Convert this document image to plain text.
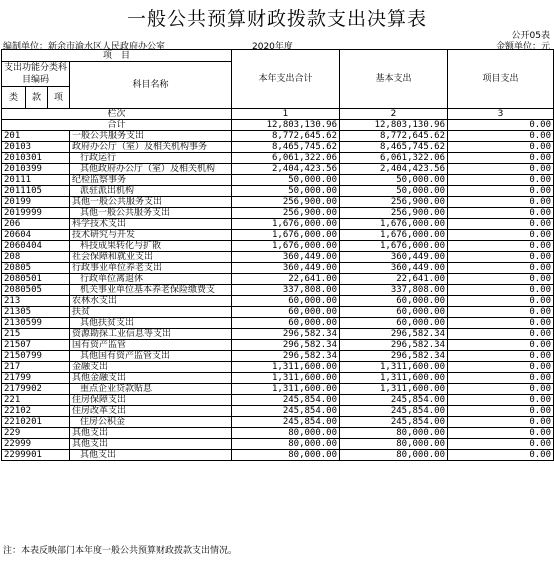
一般公共预算财政拨款支出决算表
公开05表
编制单位：新余市渝水区人民政府办公室	2020年度	金额单位：元
项　目				本年支出合计	基本支出	项目支出
支出功能分类科目编码			科目名称			

类	款	项				
栏次				1	2	3
合计				12,803,130.96	12,803,130.96	0.00
201			一般公共服务支出	8,772,645.62	8,772,645.62	0.00
20103			政府办公厅（室）及相关机构事务	8,465,745.62	8,465,745.62	0.00
2010301			行政运行	6,061,322.06	6,061,322.06	0.00
2010399			其他政府办公厅（室）及相关机构	2,404,423.56	2,404,423.56	0.00
20111			纪检监察事务	50,000.00	50,000.00	0.00
2011105			派驻派出机构	50,000.00	50,000.00	0.00
20199			其他一般公共服务支出	256,900.00	256,900.00	0.00
2019999			其他一般公共服务支出	256,900.00	256,900.00	0.00
206			科学技术支出	1,676,000.00	1,676,000.00	0.00
20604			技术研究与开发	1,676,000.00	1,676,000.00	0.00
2060404			科技成果转化与扩散	1,676,000.00	1,676,000.00	0.00
208			社会保障和就业支出	360,449.00	360,449.00	0.00
20805			行政事业单位养老支出	360,449.00	360,449.00	0.00
2080501			行政单位离退休	22,641.00	22,641.00	0.00
2080505			机关事业单位基本养老保险缴费支	337,808.00	337,808.00	0.00
213			农林水支出	60,000.00	60,000.00	0.00
21305			扶贫	60,000.00	60,000.00	0.00
2130599			其他扶贫支出	60,000.00	60,000.00	0.00
215			资源勘探工业信息等支出	296,582.34	296,582.34	0.00
21507			国有资产监管	296,582.34	296,582.34	0.00
2150799			其他国有资产监管支出	296,582.34	296,582.34	0.00
217			金融支出	1,311,600.00	1,311,600.00	0.00
21799			其他金融支出	1,311,600.00	1,311,600.00	0.00
2179902			重点企业贷款贴息	1,311,600.00	1,311,600.00	0.00
221			住房保障支出	245,854.00	245,854.00	0.00
22102			住房改革支出	245,854.00	245,854.00	0.00
2210201			住房公积金	245,854.00	245,854.00	0.00
229			其他支出	80,000.00	80,000.00	0.00
22999			其他支出	80,000.00	80,000.00	0.00
2299901			其他支出	80,000.00	80,000.00	0.00
注：本表反映部门本年度一般公共预算财政拨款支出情况。
